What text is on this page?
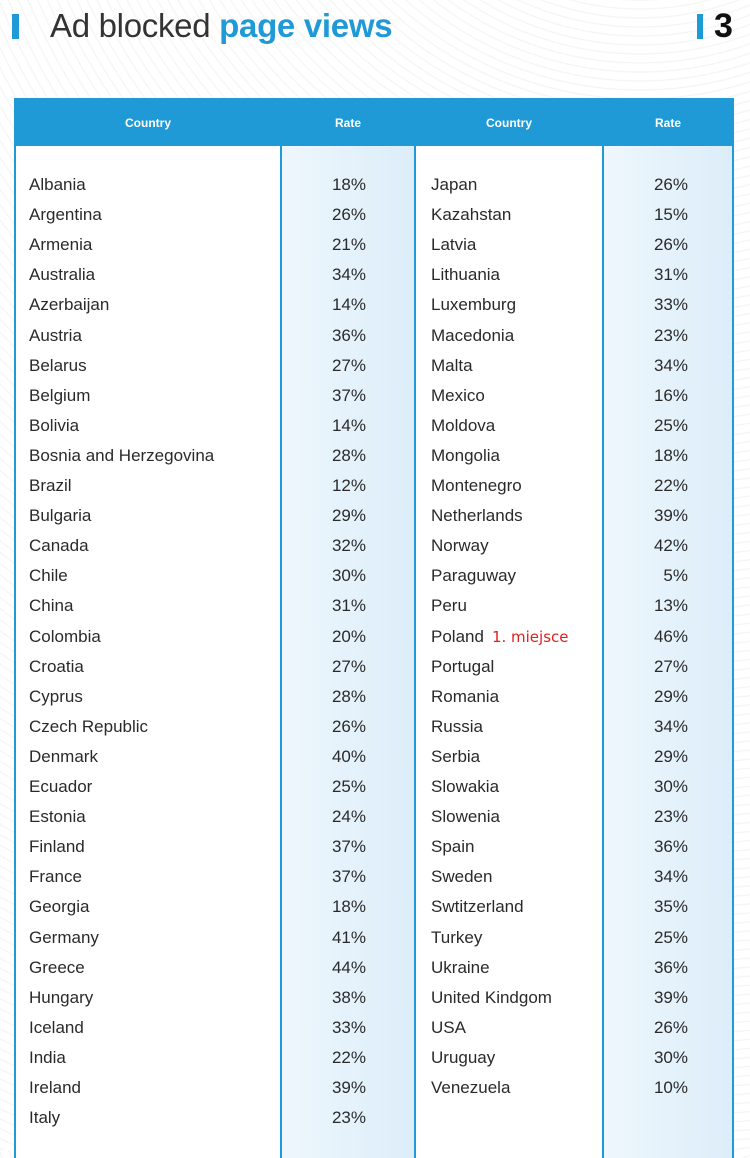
Ad blocked page views	3
Country	Rate	Country	Rate
Albania	18%
Argentina	26%
Armenia	21%
Australia	34%
Azerbaijan	14%
Austria	36%
Belarus	27%
Belgium	37%
Bolivia	14%
Bosnia and Herzegovina	28%
Brazil	12%
Bulgaria	29%
Canada	32%
Chile	30%
China	31%
Colombia	20%
Croatia	27%
Cyprus	28%
Czech Republic	26%
Denmark	40%
Ecuador	25%
Estonia	24%
Finland	37%
France	37%
Georgia	18%
Germany	41%
Greece	44%
Hungary	38%
Iceland	33%
India	22%
Ireland	39%
Italy	23%
Japan	26%
Kazahstan	15%
Latvia	26%
Lithuania	31%
Luxemburg	33%
Macedonia	23%
Malta	34%
Mexico	16%
Moldova	25%
Mongolia	18%
Montenegro	22%
Netherlands	39%
Norway	42%
Paraguway	5%
Peru	13%
Poland 1. miejsce	46%
Portugal	27%
Romania	29%
Russia	34%
Serbia	29%
Slowakia	30%
Slowenia	23%
Spain	36%
Sweden	34%
Swtitzerland	35%
Turkey	25%
Ukraine	36%
United Kindgom	39%
USA	26%
Uruguay	30%
Venezuela	10%
